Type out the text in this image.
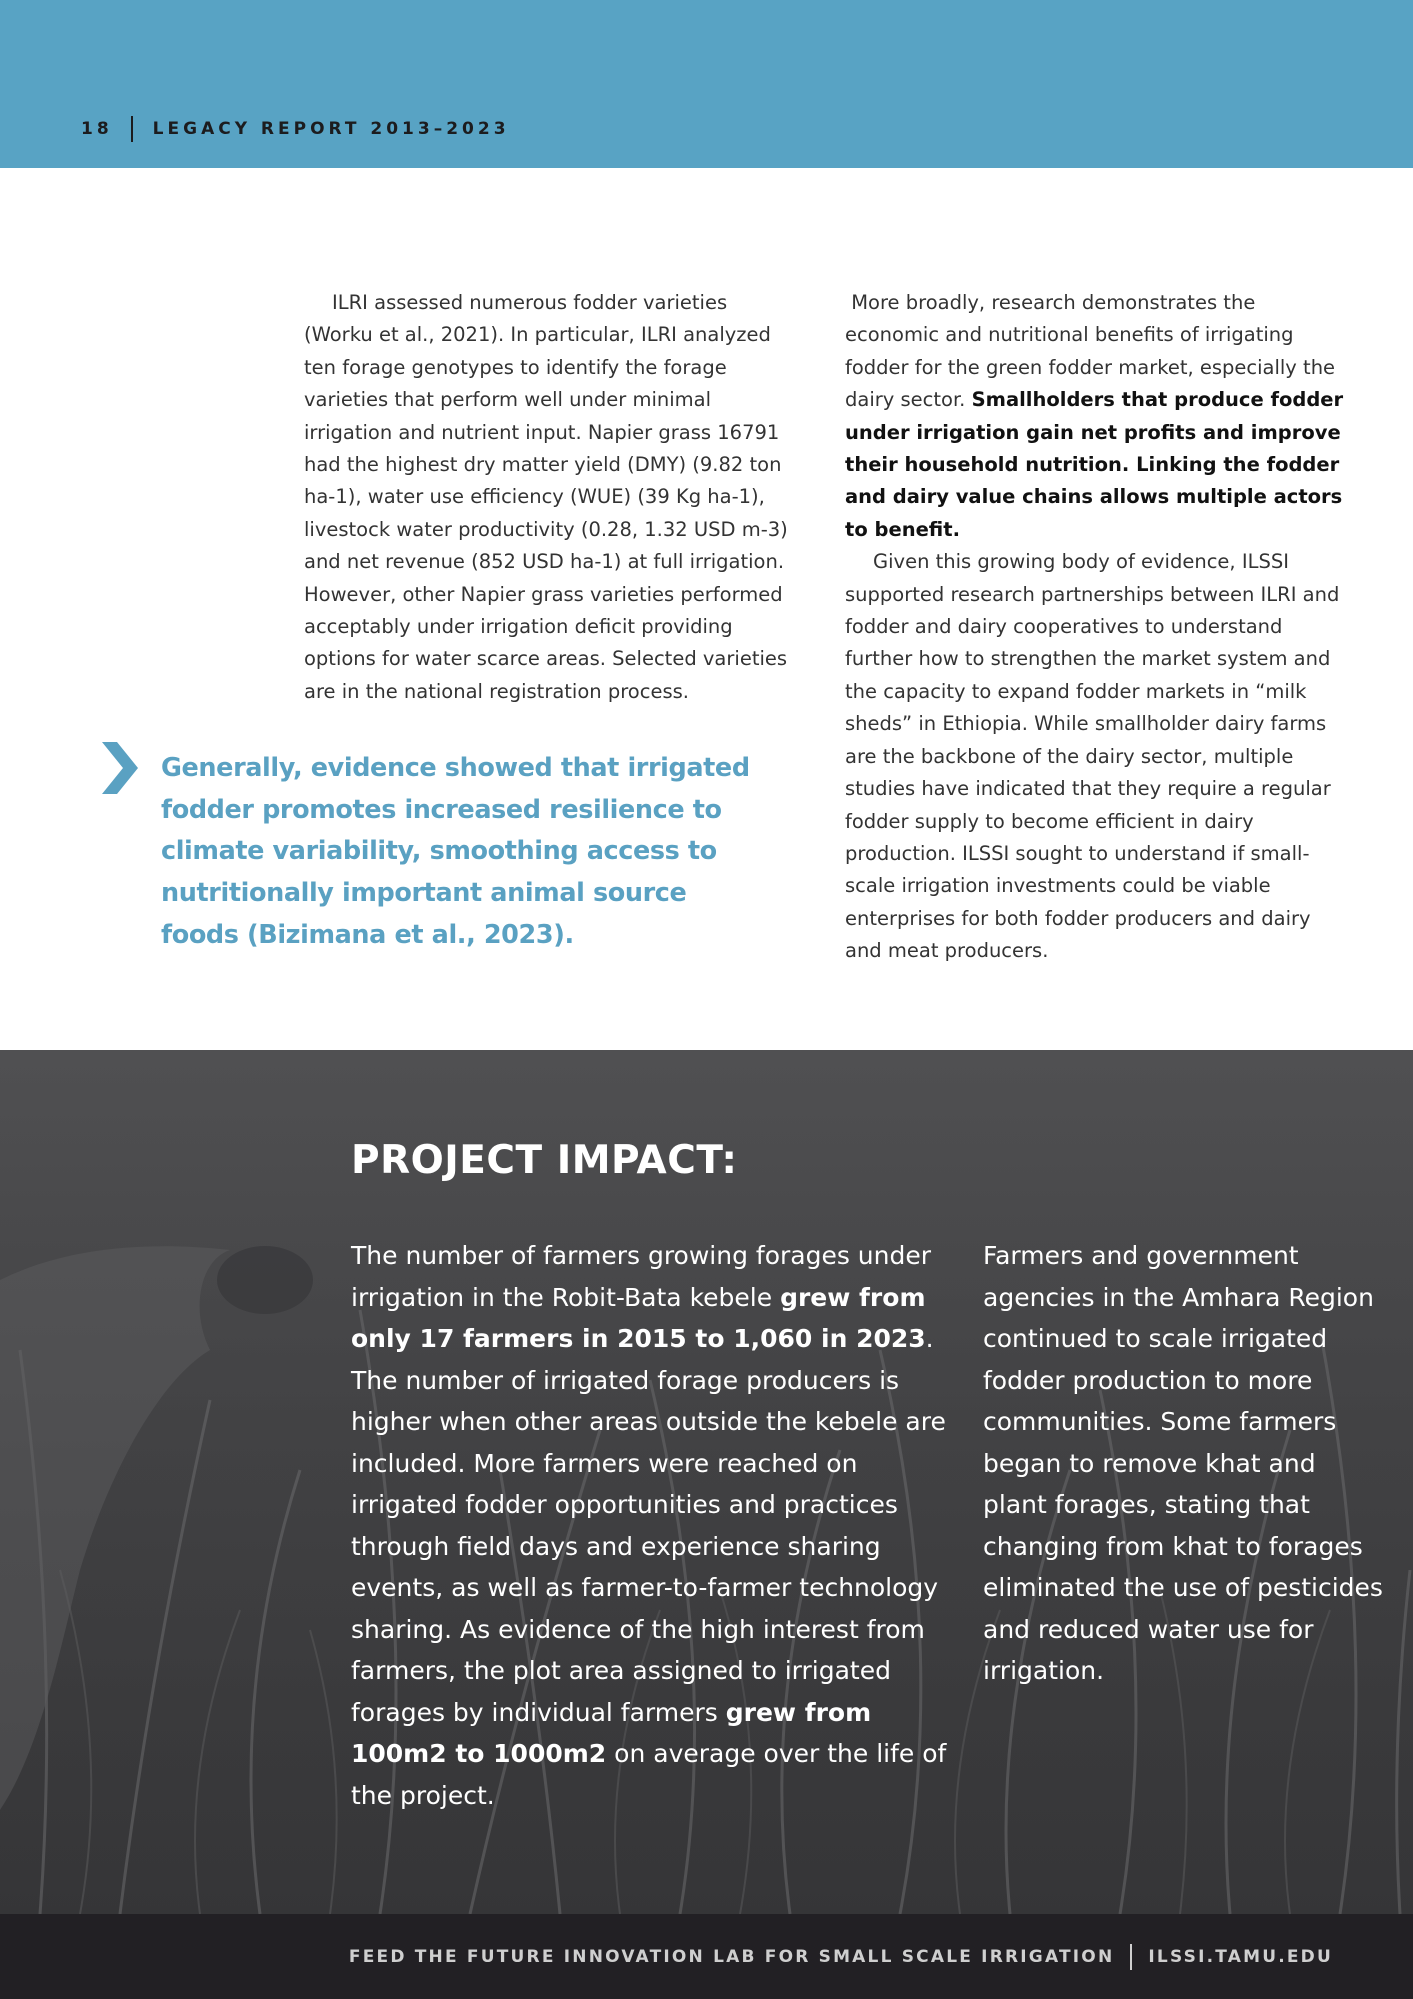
18 LEGACY REPORT 2013–2023

ILRI assessed numerous fodder varieties (Worku et al., 2021). In particular, ILRI analyzed ten forage genotypes to identify the forage varieties that perform well under minimal irrigation and nutrient input. Napier grass 16791 had the highest dry matter yield (DMY) (9.82 ton ha-1), water use efficiency (WUE) (39 Kg ha-1), livestock water productivity (0.28, 1.32 USD m-3) and net revenue (852 USD ha-1) at full irrigation. However, other Napier grass varieties performed acceptably under irrigation deficit providing options for water scarce areas. Selected varieties are in the national registration process.

Generally, evidence showed that irrigated fodder promotes increased resilience to climate variability, smoothing access to nutritionally important animal source foods (Bizimana et al., 2023).

More broadly, research demonstrates the economic and nutritional benefits of irrigating fodder for the green fodder market, especially the dairy sector. Smallholders that produce fodder under irrigation gain net profits and improve their household nutrition. Linking the fodder and dairy value chains allows multiple actors to benefit.

Given this growing body of evidence, ILSSI supported research partnerships between ILRI and fodder and dairy cooperatives to understand further how to strengthen the market system and the capacity to expand fodder markets in “milk sheds” in Ethiopia. While smallholder dairy farms are the backbone of the dairy sector, multiple studies have indicated that they require a regular fodder supply to become efficient in dairy production. ILSSI sought to understand if small-scale irrigation investments could be viable enterprises for both fodder producers and dairy and meat producers.

PROJECT IMPACT:

The number of farmers growing forages under irrigation in the Robit-Bata kebele grew from only 17 farmers in 2015 to 1,060 in 2023. The number of irrigated forage producers is higher when other areas outside the kebele are included. More farmers were reached on irrigated fodder opportunities and practices through field days and experience sharing events, as well as farmer-to-farmer technology sharing. As evidence of the high interest from farmers, the plot area assigned to irrigated forages by individual farmers grew from 100m2 to 1000m2 on average over the life of the project.

Farmers and government agencies in the Amhara Region continued to scale irrigated fodder production to more communities. Some farmers began to remove khat and plant forages, stating that changing from khat to forages eliminated the use of pesticides and reduced water use for irrigation.

FEED THE FUTURE INNOVATION LAB FOR SMALL SCALE IRRIGATION ILSSI.TAMU.EDU
